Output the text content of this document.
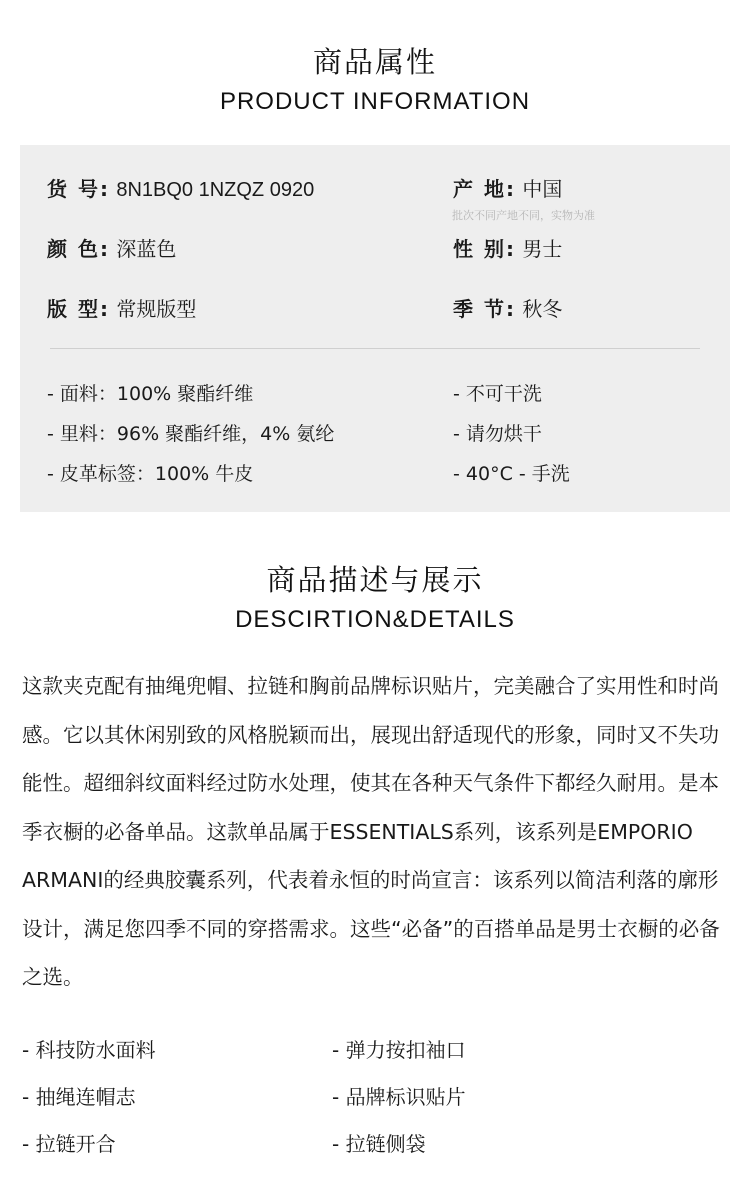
商品属性
PRODUCT INFORMATION
货 号: 8N1BQ0 1NZQZ 0920	产 地: 中国
批次不同产地不同，实物为准
颜 色: 深蓝色	性 别: 男士
版 型: 常规版型	季 节: 秋冬
- 面料：100% 聚酯纤维
- 里料：96% 聚酯纤维，4% 氨纶
- 皮革标签：100% 牛皮
- 不可干洗
- 请勿烘干
- 40°C - 手洗
商品描述与展示
DESCIRTION&DETAILS

这款夹克配有抽绳兜帽、拉链和胸前品牌标识贴片，完美融合了实用性和时尚感。它以其休闲别致的风格脱颖而出，展现出舒适现代的形象，同时又不失功能性。超细斜纹面料经过防水处理，使其在各种天气条件下都经久耐用。是本季衣橱的必备单品。这款单品属于ESSENTIALS系列，该系列是EMPORIO ARMANI的经典胶囊系列，代表着永恒的时尚宣言：该系列以简洁利落的廓形设计，满足您四季不同的穿搭需求。这些“必备”的百搭单品是男士衣橱的必备之选。

- 科技防水面料
- 抽绳连帽志
- 拉链开合
- 弹力按扣袖口
- 品牌标识贴片
- 拉链侧袋
